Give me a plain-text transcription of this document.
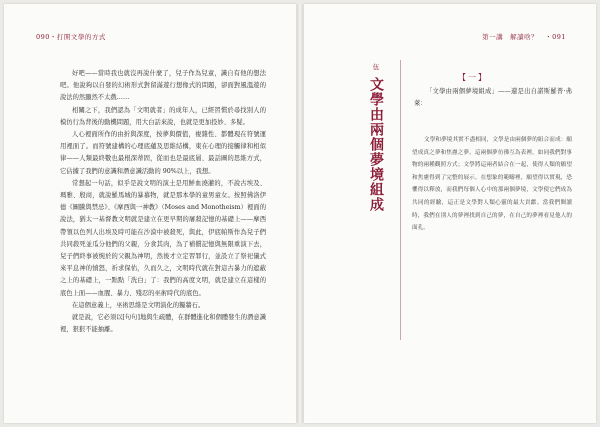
090・打開文學的方式

好吧——當時我也就沒再說什麼了，兒子作為兒童，識自有他的想法吧。他說夠以自發的幻術形式對留滿遊行想像式的問題，卻面對風溫遊的說法的然顯然不太戲……

相關之下，我們認為「文明就者」的成年人，已經習慣於尋找別人的模仿行為背後的動機問題，用大白話來說，也就是更加投妙、多疑。

人心裡面所作的由折與深度，按夢與價值，複雜性、都體現在符號運用裡面了。而符號建構的心理底蘊及思維結構，東在心理的接觸律和相似律——人類最終數也最根深蒂固，從而也是最底層、最話圖的思維方式，它佔據了我們的意識和潛意識活動的 90%以上，我想。

常想起一句話，似乎是說文明的演土是用鮮血澆灌的，不說古埃及、瑪雅、殷商，就說羅馬城的暴慕物，就是那本學的童男童女。按照佛洛伊德《圖騰與禁忌》、《摩西與一神教》（Moses and Monotheism）裡面的說法，猶太一基督教文明就是建立在更早期的屠殺記憶的基礎上——摩西帶領以色列人出埃及時可能在沙漠中被殺死，與此，伊底帕斯作為兒子們共同殺死並瓜分他們的父親，分食其肉，為了補償記憶與無限重演下去，兒子們終事被惋於的父親為神明，然後才立定習罪行，並設立了祭祀儀式來平息神的憤怒，祈求保佑，久而久之，文明時代就在對這古暴力的遮蔽之上的基礎上，一點點「洗白」了：我們的高度文明，就是建立在這樣的底色上面——血腥、暴力、殘忍的巫術時代的底色。

在這個意義上，巫術思維是文明演化的獨牆石。

就是說，它必須以[句句]地與生疏體，在群體進化和個體發生的潛意識裡，狠狠不能抽離。

第一講　解讀啥？　・091
伍
文學由兩個夢境組成	【一】

「文學由兩個夢境組成」——還是出自諾斯羅普·弗萊：

文學和夢境其實不盡相同，文學是由兩個夢的組合而成：願望成真之夢和焦慮之夢。這兩個夢彷彿互為表裡，如同我們對事物的兩種觀照方式；文學將這兩者結合在一起，使得人類的願望和焦慮得到了完整的展示。在想象的範疇裡，願望得以實現，恐懼得以釋放，而我們每個人心中的那兩個夢境，文學使它們成為共同的經驗，這正是文學對人類心靈的最大貢獻。當我們閱讀時，我們在別人的夢裡找到自己的夢，在自己的夢裡看見他人的面孔。
